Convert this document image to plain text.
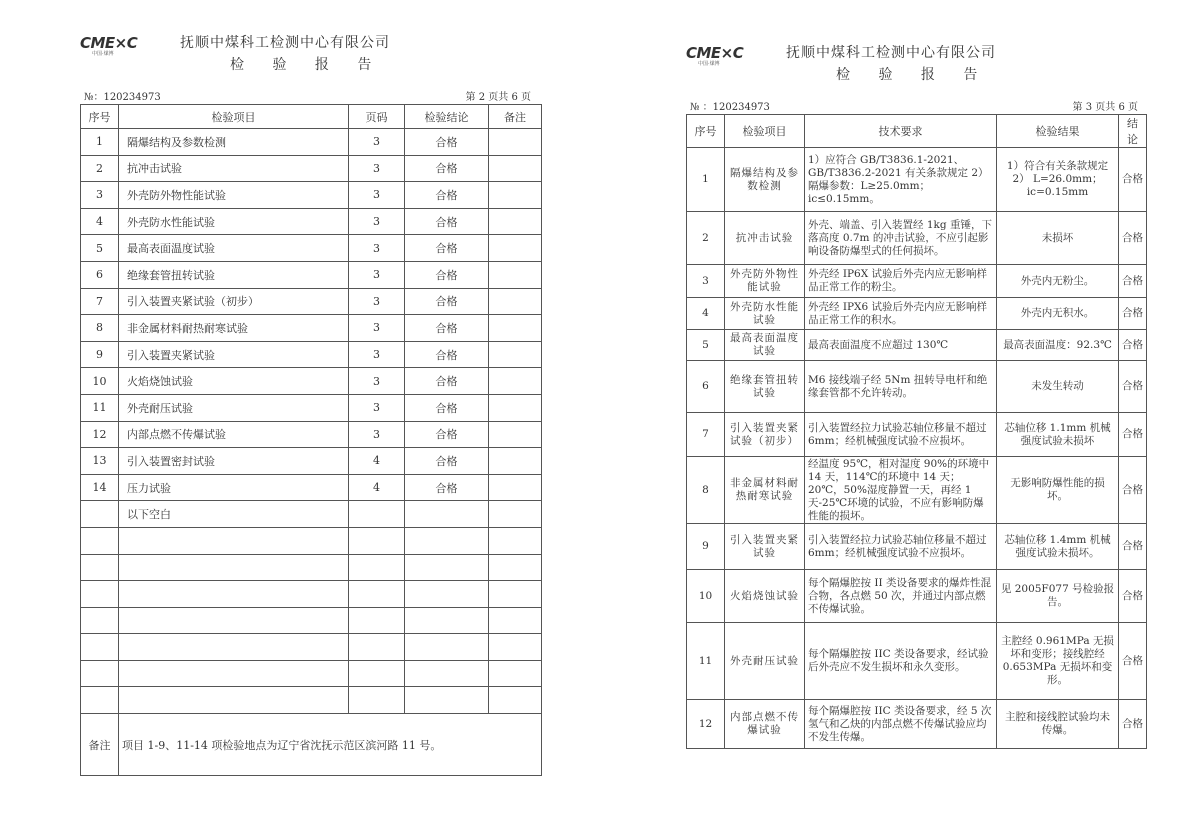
CME×C
中国·煤博
抚顺中煤科工检测中心有限公司
检 验 报 告
№：120234973	第 2 页共 6 页
序号	检验项目	页码	检验结论	备注
1	隔爆结构及参数检测	3	合格	
2	抗冲击试验	3	合格	
3	外壳防外物性能试验	3	合格	
4	外壳防水性能试验	3	合格	
5	最高表面温度试验	3	合格	
6	绝缘套管扭转试验	3	合格	
7	引入装置夹紧试验（初步）	3	合格	
8	非金属材料耐热耐寒试验	3	合格	
9	引入装置夹紧试验	3	合格	
10	火焰烧蚀试验	3	合格	
11	外壳耐压试验	3	合格	
12	内部点燃不传爆试验	3	合格	
13	引入装置密封试验	4	合格	
14	压力试验	4	合格	
	以下空白			

备注	项目 1-9、11-14 项检验地点为辽宁省沈抚示范区滨河路 11 号。			
CME×C
中国·煤博
抚顺中煤科工检测中心有限公司
检 验 报 告
№ ：120234973	第 3 页共 6 页
序号	检验项目	技术要求	检验结果	结论
1	隔爆结构及参数检测	1）应符合 GB/T3836.1-2021、GB/T3836.2-2021 有关条款规定 2）隔爆参数：L≥25.0mm；ic≤0.15mm。	1）符合有关条款规定 2） L=26.0mm；ic=0.15mm	合格
2	抗冲击试验	外壳、端盖、引入装置经 1kg 重锤，下落高度 0.7m 的冲击试验，不应引起影响设备防爆型式的任何损坏。	未损坏	合格
3	外壳防外物性能试验	外壳经 IP6X 试验后外壳内应无影响样品正常工作的粉尘。	外壳内无粉尘。	合格
4	外壳防水性能试验	外壳经 IPX6 试验后外壳内应无影响样品正常工作的积水。	外壳内无积水。	合格
5	最高表面温度试验	最高表面温度不应超过 130℃	最高表面温度：92.3℃	合格
6	绝缘套管扭转试验	M6 接线端子经 5Nm 扭转导电杆和绝缘套管都不允许转动。	未发生转动	合格
7	引入装置夹紧试验（初步）	引入装置经拉力试验芯轴位移量不超过 6mm；经机械强度试验不应损坏。	芯轴位移 1.1mm 机械强度试验未损坏	合格
8	非金属材料耐热耐寒试验	经温度 95℃，相对湿度 90%的环境中 14 天，114℃的环境中 14 天；20℃，50%湿度静置一天，再经 1 天-25℃环境的试验，不应有影响防爆性能的损坏。	无影响防爆性能的损坏。	合格
9	引入装置夹紧试验	引入装置经拉力试验芯轴位移量不超过 6mm；经机械强度试验不应损坏。	芯轴位移 1.4mm 机械强度试验未损坏。	合格
10	火焰烧蚀试验	每个隔爆腔按 II 类设备要求的爆炸性混合物，各点燃 50 次，并通过内部点燃不传爆试验。	见 2005F077 号检验报告。	合格
11	外壳耐压试验	每个隔爆腔按 IIC 类设备要求，经试验后外壳应不发生损坏和永久变形。	主腔经 0.961MPa 无损坏和变形；接线腔经 0.653MPa 无损坏和变形。	合格
12	内部点燃不传爆试验	每个隔爆腔按 IIC 类设备要求，经 5 次氢气和乙炔的内部点燃不传爆试验应均不发生传爆。	主腔和接线腔试验均未传爆。	合格
